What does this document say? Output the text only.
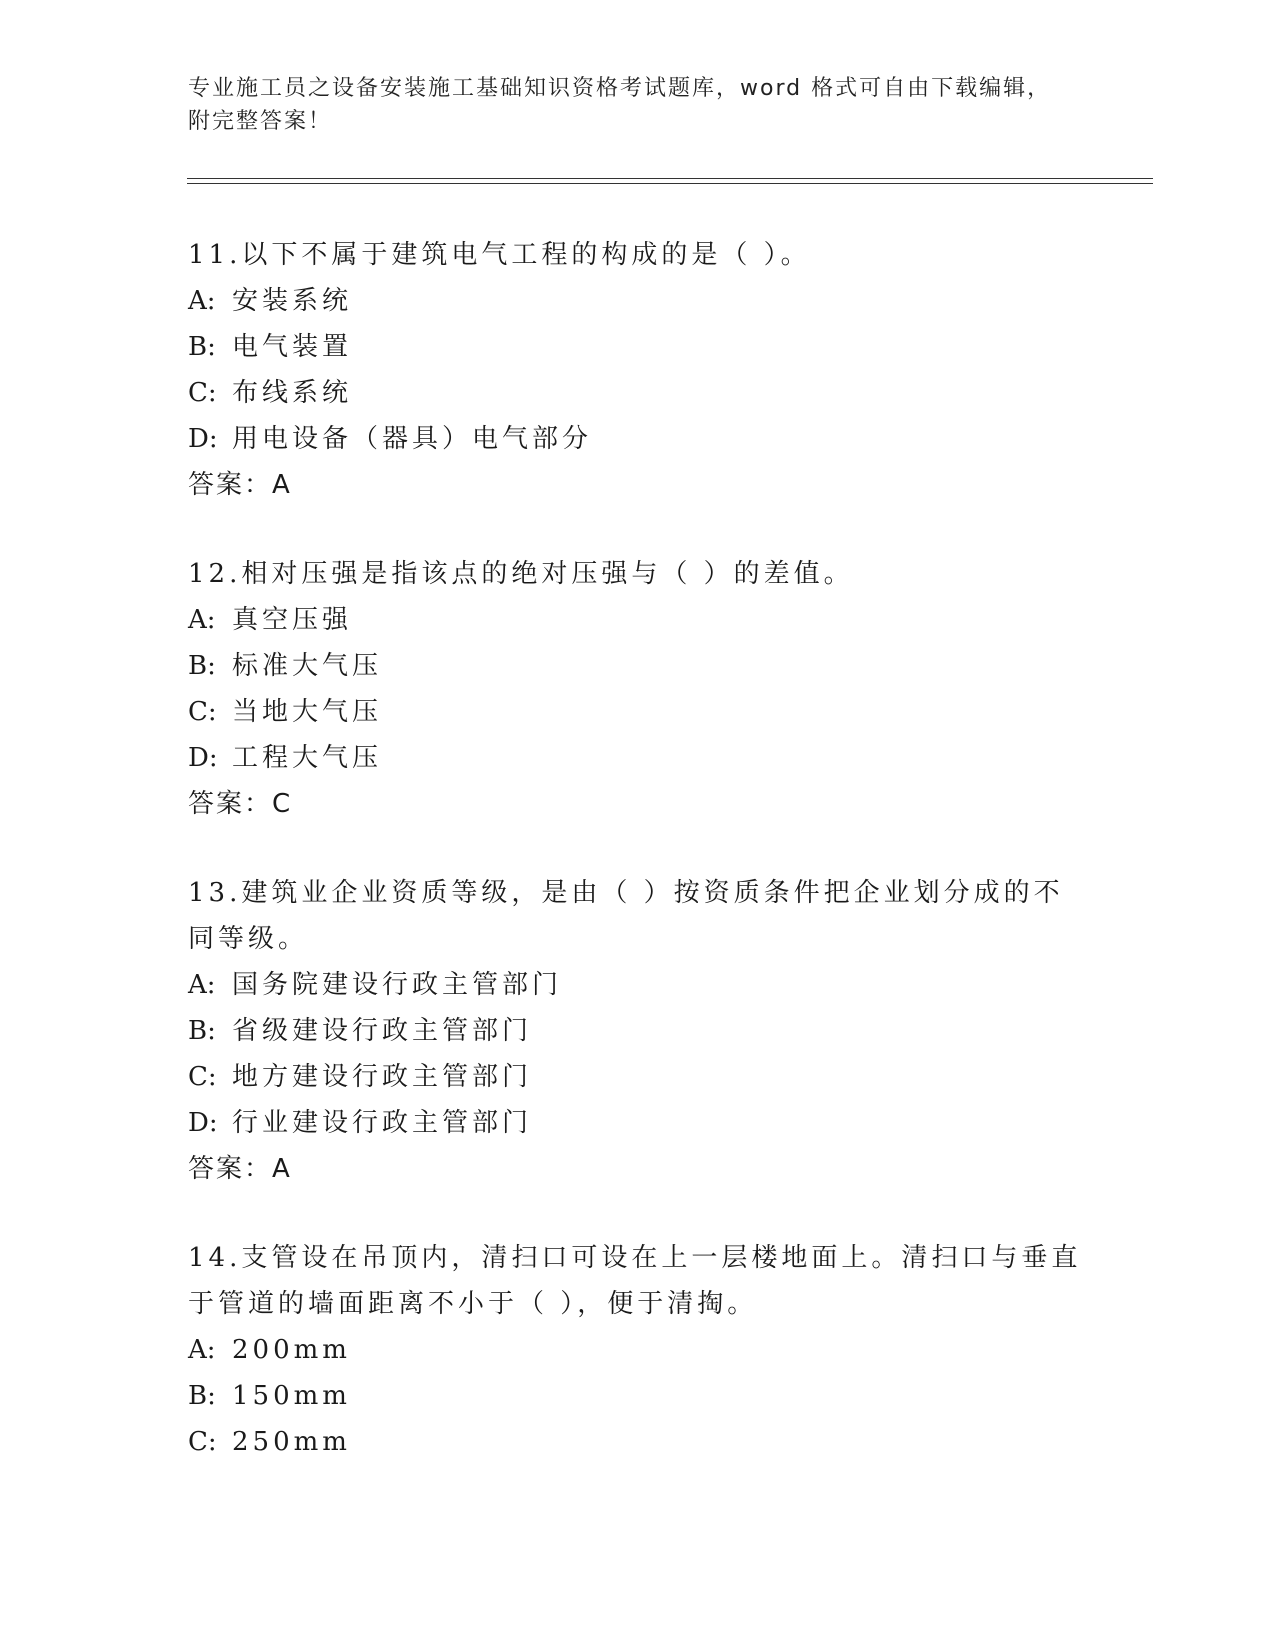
专业施工员之设备安装施工基础知识资格考试题库，word 格式可自由下载编辑，
附完整答案！

11.以下不属于建筑电气工程的构成的是（ ）。

A: 安装系统

B: 电气装置

C: 布线系统

D: 用电设备（器具）电气部分

答案：A

12.相对压强是指该点的绝对压强与（ ）的差值。

A: 真空压强

B: 标准大气压

C: 当地大气压

D: 工程大气压

答案：C

13.建筑业企业资质等级，是由（ ）按资质条件把企业划分成的不同等级。

A: 国务院建设行政主管部门

B: 省级建设行政主管部门

C: 地方建设行政主管部门

D: 行业建设行政主管部门

答案：A

14.支管设在吊顶内，清扫口可设在上一层楼地面上。清扫口与垂直于管道的墙面距离不小于（ ），便于清掏。

A: 200mm

B: 150mm

C: 250mm
